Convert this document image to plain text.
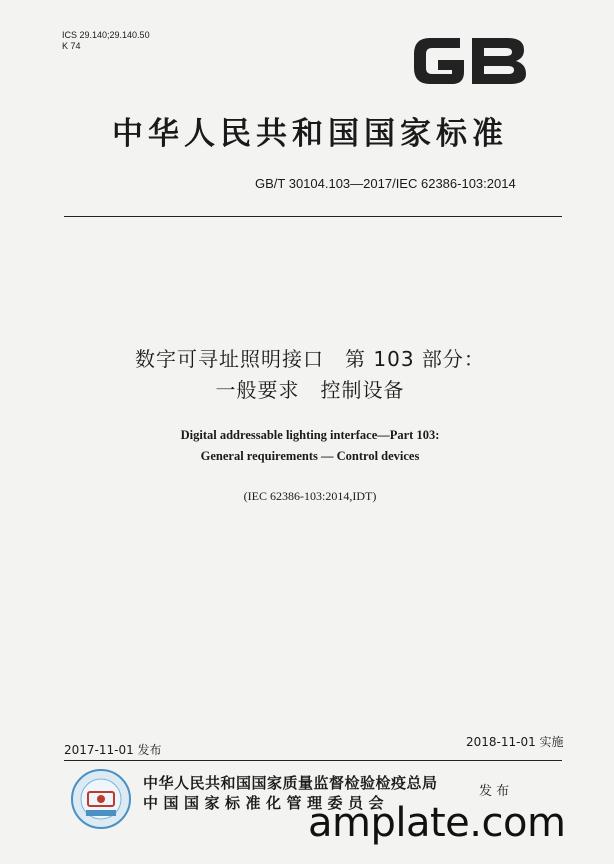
ICS 29.140;29.140.50
K 74
中华人民共和国国家标准
GB/T 30104.103—2017/IEC 62386-103:2014
数字可寻址照明接口　第 103 部分：
一般要求　控制设备
Digital addressable lighting interface—Part 103:
General requirements — Control devices
(IEC 62386-103:2014,IDT)
2017-11-01 发布
2018-11-01 实施
中华人民共和国国家质量监督检验检疫总局
中国国家标准化管理委员会
发 布
amplate.com
